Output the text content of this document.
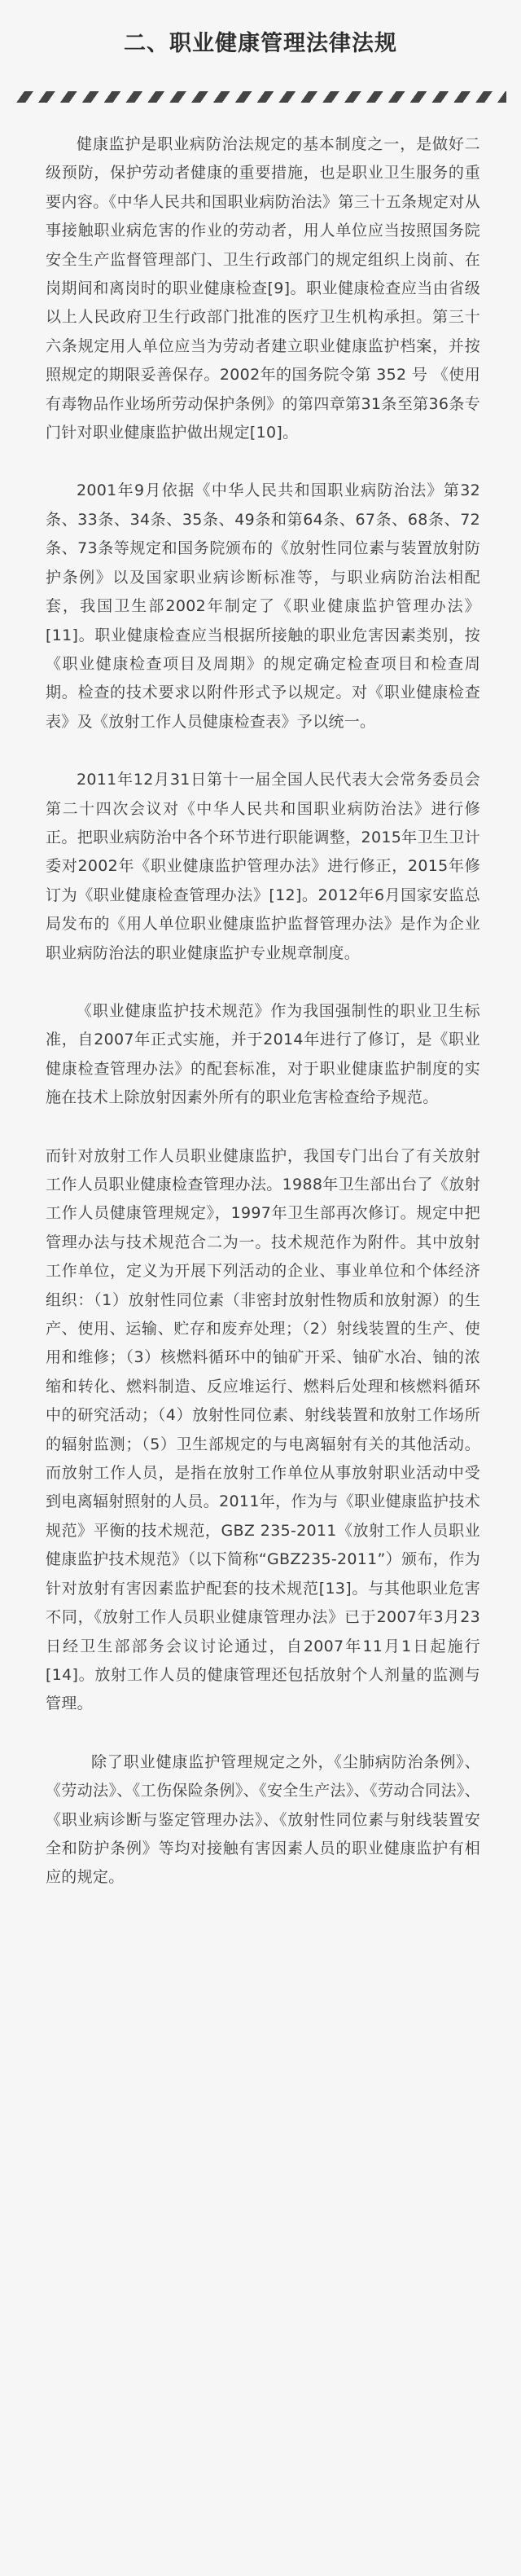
二、职业健康管理法律法规

健康监护是职业病防治法规定的基本制度之一，是做好二级预防，保护劳动者健康的重要措施，也是职业卫生服务的重要内容。《中华人民共和国职业病防治法》第三十五条规定对从事接触职业病危害的作业的劳动者，用人单位应当按照国务院安全生产监督管理部门、卫生行政部门的规定组织上岗前、在岗期间和离岗时的职业健康检查[9]。职业健康检查应当由省级以上人民政府卫生行政部门批准的医疗卫生机构承担。第三十六条规定用人单位应当为劳动者建立职业健康监护档案，并按照规定的期限妥善保存。2002年的国务院令第 352 号 《使用有毒物品作业场所劳动保护条例》的第四章第31条至第36条专门针对职业健康监护做出规定[10]。

2001年9月依据《中华人民共和国职业病防治法》第32条、33条、34条、35条、49条和第64条、67条、68条、72条、73条等规定和国务院颁布的《放射性同位素与装置放射防护条例》以及国家职业病诊断标准等，与职业病防治法相配套，我国卫生部2002年制定了《职业健康监护管理办法》[11]。职业健康检查应当根据所接触的职业危害因素类别，按《职业健康检查项目及周期》的规定确定检查项目和检查周期。检查的技术要求以附件形式予以规定。对《职业健康检查表》及《放射工作人员健康检查表》予以统一。

2011年12月31日第十一届全国人民代表大会常务委员会第二十四次会议对《中华人民共和国职业病防治法》进行修正。把职业病防治中各个环节进行职能调整，2015年卫生卫计委对2002年《职业健康监护管理办法》进行修正，2015年修订为《职业健康检查管理办法》[12]。2012年6月国家安监总局发布的《用人单位职业健康监护监督管理办法》是作为企业职业病防治法的职业健康监护专业规章制度。

《职业健康监护技术规范》作为我国强制性的职业卫生标准，自2007年正式实施，并于2014年进行了修订，是《职业健康检查管理办法》的配套标准，对于职业健康监护制度的实施在技术上除放射因素外所有的职业危害检查给予规范。

而针对放射工作人员职业健康监护，我国专门出台了有关放射工作人员职业健康检查管理办法。1988年卫生部出台了《放射工作人员健康管理规定》，1997年卫生部再次修订。规定中把管理办法与技术规范合二为一。技术规范作为附件。其中放射工作单位，定义为开展下列活动的企业、事业单位和个体经济组织：（1）放射性同位素（非密封放射性物质和放射源）的生产、使用、运输、贮存和废弃处理；（2）射线装置的生产、使用和维修；（3）核燃料循环中的铀矿开采、铀矿水冶、铀的浓缩和转化、燃料制造、反应堆运行、燃料后处理和核燃料循环中的研究活动；（4）放射性同位素、射线装置和放射工作场所的辐射监测；（5）卫生部规定的与电离辐射有关的其他活动。而放射工作人员，是指在放射工作单位从事放射职业活动中受到电离辐射照射的人员。2011年，作为与《职业健康监护技术规范》平衡的技术规范，GBZ 235-2011《放射工作人员职业健康监护技术规范》（以下简称“GBZ235-2011”）颁布，作为针对放射有害因素监护配套的技术规范[13]。与其他职业危害不同，《放射工作人员职业健康管理办法》已于2007年3月23日经卫生部部务会议讨论通过，自2007年11月1日起施行[14]。放射工作人员的健康管理还包括放射个人剂量的监测与管理。

除了职业健康监护管理规定之外，《尘肺病防治条例》、《劳动法》、《工伤保险条例》、《安全生产法》、《劳动合同法》、《职业病诊断与鉴定管理办法》、《放射性同位素与射线装置安全和防护条例》等均对接触有害因素人员的职业健康监护有相应的规定。
